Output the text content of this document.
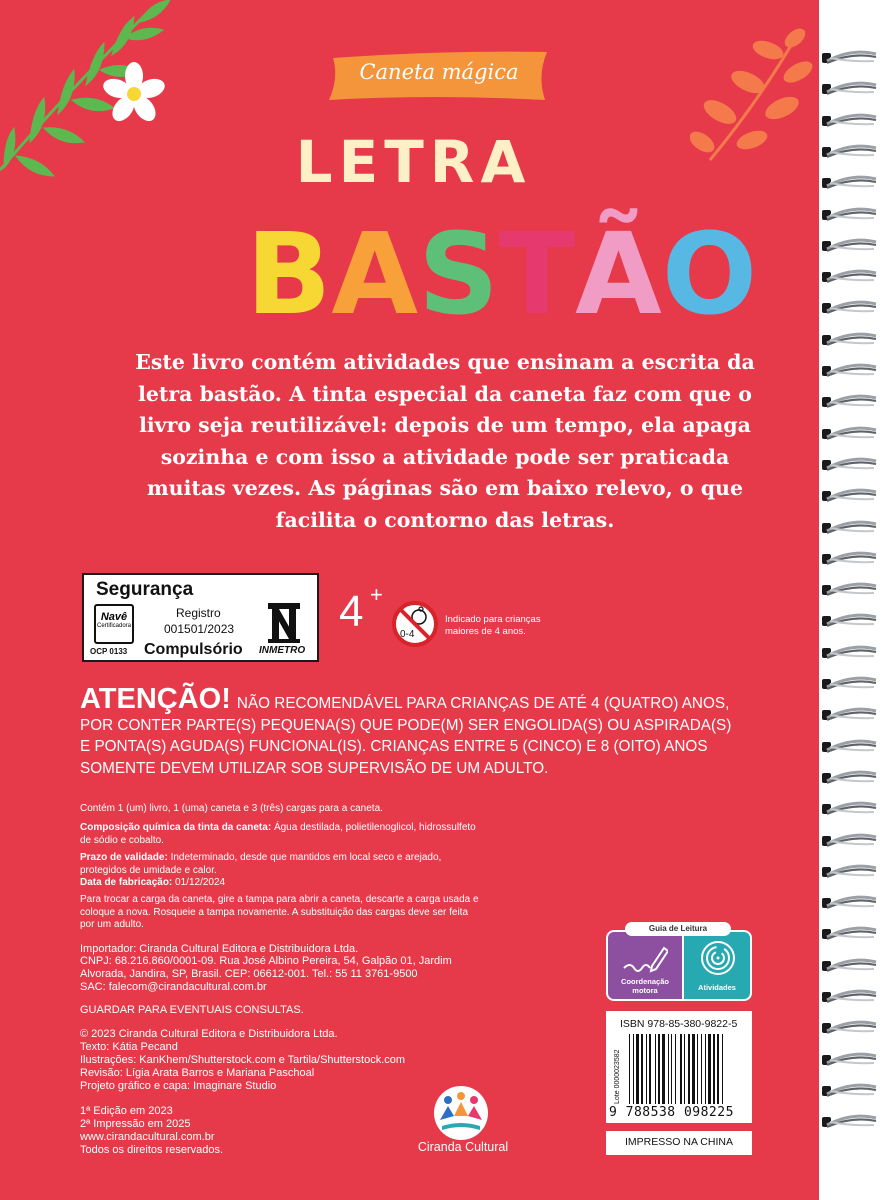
Caneta mágica
LETRA
B A S T Ã O
Este livro contém atividades que ensinam a escrita da letra bastão. A tinta especial da caneta faz com que o livro seja reutilizável: depois de um tempo, ela apaga sozinha e com isso a atividade pode ser praticada muitas vezes. As páginas são em baixo relevo, o que facilita o contorno das letras.
Segurança
Navê
Certificadora
Registro
001501/2023
OCP 0133 Compulsório INMETRO
4 +
0-4
Indicado para crianças maiores de 4 anos.
ATENÇÃO! NÃO RECOMENDÁVEL PARA CRIANÇAS DE ATÉ 4 (QUATRO) ANOS, POR CONTER PARTE(S) PEQUENA(S) QUE PODE(M) SER ENGOLIDA(S) OU ASPIRADA(S) E PONTA(S) AGUDA(S) FUNCIONAL(IS). CRIANÇAS ENTRE 5 (CINCO) E 8 (OITO) ANOS SOMENTE DEVEM UTILIZAR SOB SUPERVISÃO DE UM ADULTO.
Contém 1 (um) livro, 1 (uma) caneta e 3 (três) cargas para a caneta.
Composição química da tinta da caneta: Água destilada, polietilenoglicol, hidrossulfeto de sódio e cobalto.
Prazo de validade: Indeterminado, desde que mantidos em local seco e arejado, protegidos de umidade e calor.
Data de fabricação: 01/12/2024
Para trocar a carga da caneta, gire a tampa para abrir a caneta, descarte a carga usada e coloque a nova. Rosqueie a tampa novamente. A substituição das cargas deve ser feita por um adulto.
Importador: Ciranda Cultural Editora e Distribuidora Ltda.
CNPJ: 68.216.860/0001-09. Rua José Albino Pereira, 54, Galpão 01, Jardim
Alvorada, Jandira, SP, Brasil. CEP: 06612-001. Tel.: 55 11 3761-9500
SAC: falecom@cirandacultural.com.br
GUARDAR PARA EVENTUAIS CONSULTAS.
© 2023 Ciranda Cultural Editora e Distribuidora Ltda.
Texto: Kátia Pecand
Ilustrações: KanKhem/Shutterstock.com e Tartila/Shutterstock.com
Revisão: Lígia Arata Barros e Mariana Paschoal
Projeto gráfico e capa: Imaginare Studio
1ª Edição em 2023
2ª Impressão em 2025
www.cirandacultural.com.br
Todos os direitos reservados.
Guia de Leitura
Coordenação
motora	Atividades
ISBN 978-85-380-9822-5
Lote 0000023582
9 788538 098225
IMPRESSO NA CHINA
Ciranda Cultural
